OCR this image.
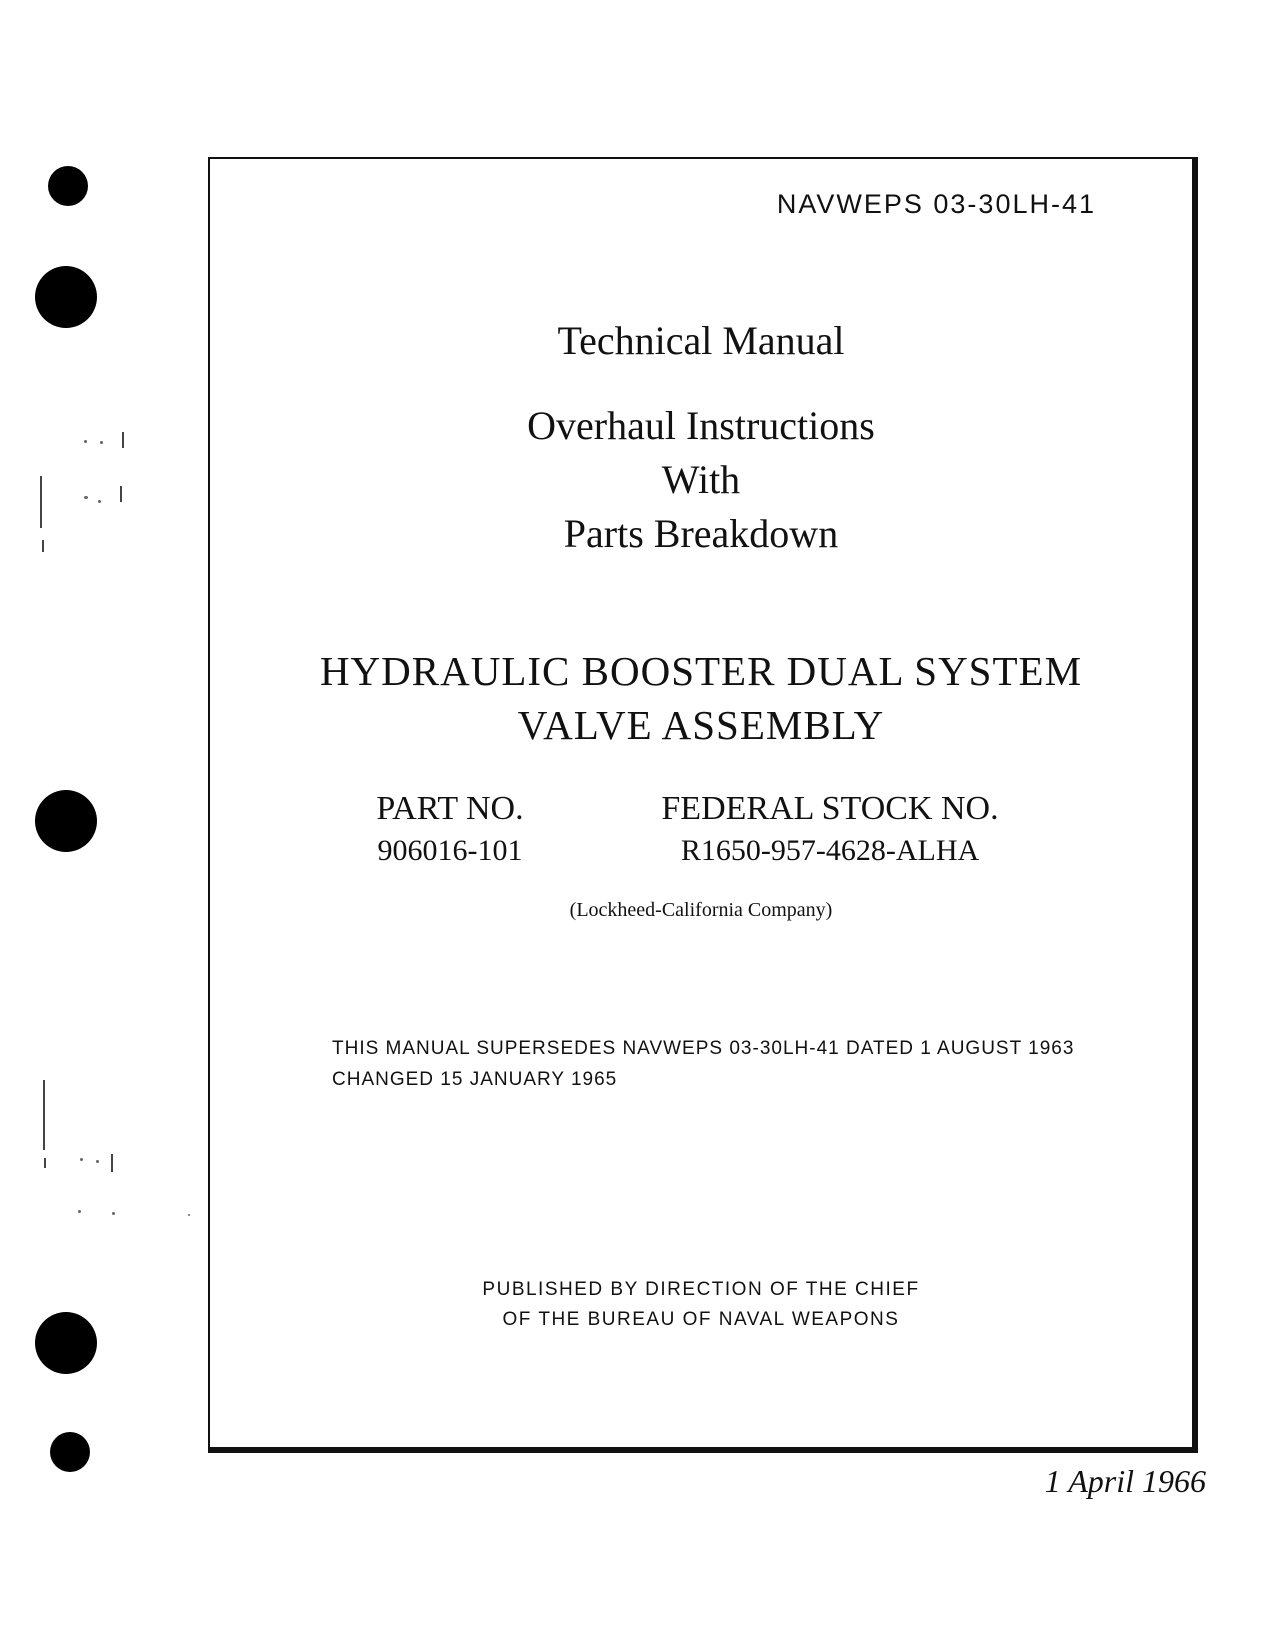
NAVWEPS 03-30LH-41
Technical Manual
Overhaul Instructions
With
Parts Breakdown
HYDRAULIC BOOSTER DUAL SYSTEM
VALVE ASSEMBLY
PART NO.
906016-101
FEDERAL STOCK NO.
R1650-957-4628-ALHA
(Lockheed-California Company)
THIS MANUAL SUPERSEDES NAVWEPS 03-30LH-41 DATED 1 AUGUST 1963
CHANGED 15 JANUARY 1965
PUBLISHED BY DIRECTION OF THE CHIEF
OF THE BUREAU OF NAVAL WEAPONS
1 April 1966
